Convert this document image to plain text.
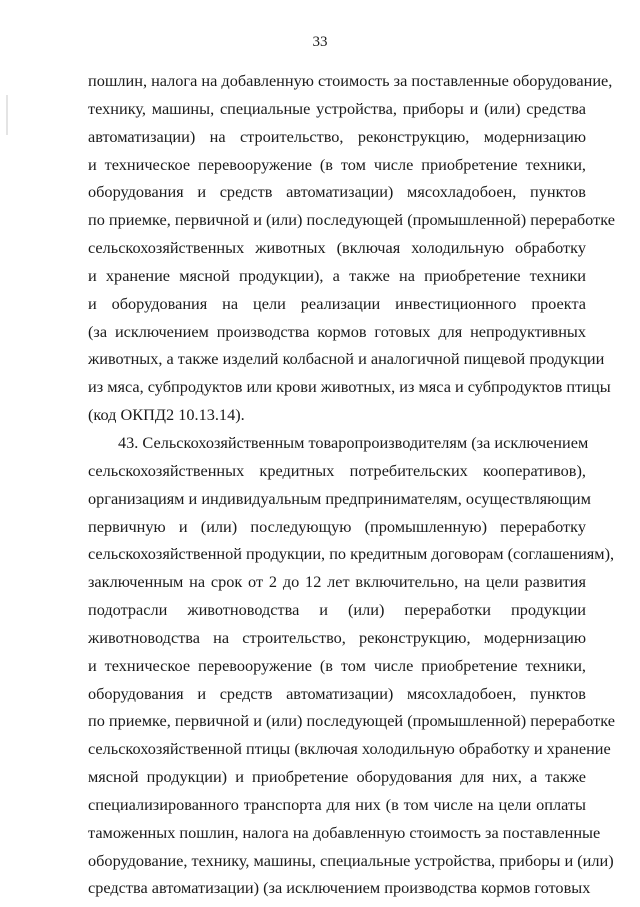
33
пошлин, налога на добавленную стоимость за поставленные оборудование,
технику, машины, специальные устройства, приборы и (или) средства
автоматизации) на строительство, реконструкцию, модернизацию
и техническое перевооружение (в том числе приобретение техники,
оборудования и средств автоматизации) мясохладобоен, пунктов
по приемке, первичной и (или) последующей (промышленной) переработке
сельскохозяйственных животных (включая холодильную обработку
и хранение мясной продукции), а также на приобретение техники
и оборудования на цели реализации инвестиционного проекта
(за исключением производства кормов готовых для непродуктивных
животных, а также изделий колбасной и аналогичной пищевой продукции
из мяса, субпродуктов или крови животных, из мяса и субпродуктов птицы
(код ОКПД2 10.13.14).
43. Сельскохозяйственным товаропроизводителям (за исключением
сельскохозяйственных кредитных потребительских кооперативов),
организациям и индивидуальным предпринимателям, осуществляющим
первичную и (или) последующую (промышленную) переработку
сельскохозяйственной продукции, по кредитным договорам (соглашениям),
заключенным на срок от 2 до 12 лет включительно, на цели развития
подотрасли животноводства и (или) переработки продукции
животноводства на строительство, реконструкцию, модернизацию
и техническое перевооружение (в том числе приобретение техники,
оборудования и средств автоматизации) мясохладобоен, пунктов
по приемке, первичной и (или) последующей (промышленной) переработке
сельскохозяйственной птицы (включая холодильную обработку и хранение
мясной продукции) и приобретение оборудования для них, а также
специализированного транспорта для них (в том числе на цели оплаты
таможенных пошлин, налога на добавленную стоимость за поставленные
оборудование, технику, машины, специальные устройства, приборы и (или)
средства автоматизации) (за исключением производства кормов готовых
